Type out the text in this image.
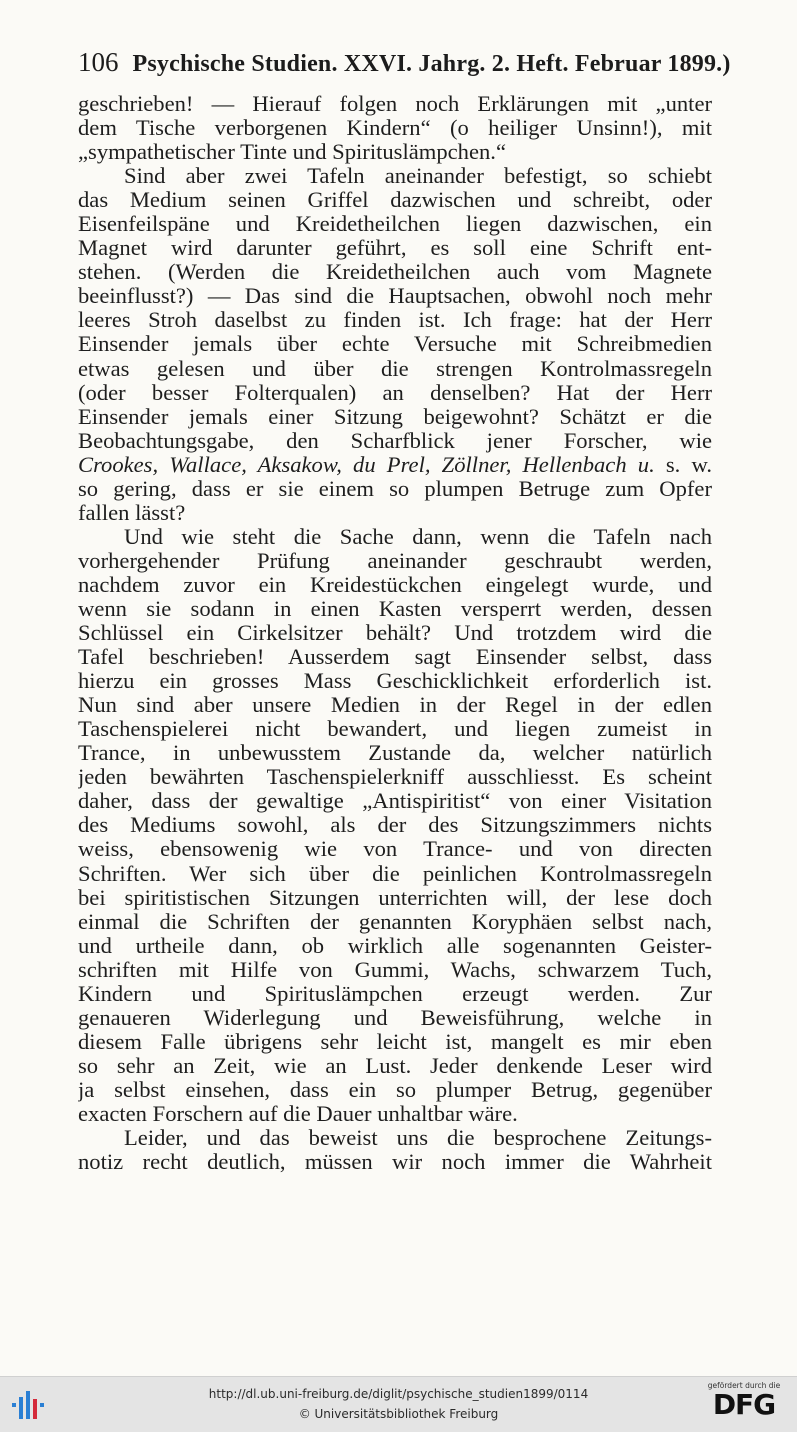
106 Psychische Studien. XXVI. Jahrg. 2. Heft. Februar 1899.)
geschrieben! — Hierauf folgen noch Erklärungen mit „unter
dem Tische verborgenen Kindern“ (o heiliger Unsinn!), mit
„sympathetischer Tinte und Spirituslämpchen.“
Sind aber zwei Tafeln aneinander befestigt, so schiebt
das Medium seinen Griffel dazwischen und schreibt, oder
Eisenfeilspäne und Kreidetheilchen liegen dazwischen, ein
Magnet wird darunter geführt, es soll eine Schrift ent-
stehen. (Werden die Kreidetheilchen auch vom Magnete
beeinflusst?) — Das sind die Hauptsachen, obwohl noch mehr
leeres Stroh daselbst zu finden ist. Ich frage: hat der Herr
Einsender jemals über echte Versuche mit Schreibmedien
etwas gelesen und über die strengen Kontrolmassregeln
(oder besser Folterqualen) an denselben? Hat der Herr
Einsender jemals einer Sitzung beigewohnt? Schätzt er die
Beobachtungsgabe, den Scharfblick jener Forscher, wie
Crookes, Wallace, Aksakow, du Prel, Zöllner, Hellenbach u. s. w.
so gering, dass er sie einem so plumpen Betruge zum Opfer
fallen lässt?
Und wie steht die Sache dann, wenn die Tafeln nach
vorhergehender Prüfung aneinander geschraubt werden,
nachdem zuvor ein Kreidestückchen eingelegt wurde, und
wenn sie sodann in einen Kasten versperrt werden, dessen
Schlüssel ein Cirkelsitzer behält? Und trotzdem wird die
Tafel beschrieben! Ausserdem sagt Einsender selbst, dass
hierzu ein grosses Mass Geschicklichkeit erforderlich ist.
Nun sind aber unsere Medien in der Regel in der edlen
Taschenspielerei nicht bewandert, und liegen zumeist in
Trance, in unbewusstem Zustande da, welcher natürlich
jeden bewährten Taschenspielerkniff ausschliesst. Es scheint
daher, dass der gewaltige „Antispiritist“ von einer Visitation
des Mediums sowohl, als der des Sitzungszimmers nichts
weiss, ebensowenig wie von Trance- und von directen
Schriften. Wer sich über die peinlichen Kontrolmassregeln
bei spiritistischen Sitzungen unterrichten will, der lese doch
einmal die Schriften der genannten Koryphäen selbst nach,
und urtheile dann, ob wirklich alle sogenannten Geister-
schriften mit Hilfe von Gummi, Wachs, schwarzem Tuch,
Kindern und Spirituslämpchen erzeugt werden. Zur
genaueren Widerlegung und Beweisführung, welche in
diesem Falle übrigens sehr leicht ist, mangelt es mir eben
so sehr an Zeit, wie an Lust. Jeder denkende Leser wird
ja selbst einsehen, dass ein so plumper Betrug, gegenüber
exacten Forschern auf die Dauer unhaltbar wäre.
Leider, und das beweist uns die besprochene Zeitungs-
notiz recht deutlich, müssen wir noch immer die Wahrheit
http://dl.ub.uni-freiburg.de/diglit/psychische_studien1899/0114
© Universitätsbibliothek Freiburg
gefördert durch die
DFG
